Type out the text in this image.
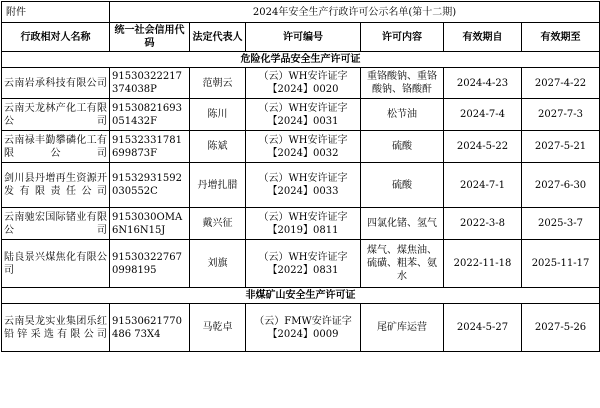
附件	2024年安全生产行政许可公示名单(第十二期)					
行政相对人名称	统一社会信用代码	法定代表人	许可编号	许可内容	有效期自	有效期至
危险化学品安全生产许可证						
云南岩承科技有限公司	91530322217374038P	范朝云	（云）WH安许证字【2024】0020	重铬酸钠、重铬酸钠、铬酸酐	2024-4-23	2027-4-22
云南天龙林产化工有限公司	91530821693051432F	陈川	（云）WH安许证字【2024】0031	松节油	2024-7-4	2027-7-3
云南禄丰勤攀磷化工有限公司	91532331781699873F	陈斌	（云）WH安许证字【2024】0032	硫酸	2024-5-22	2027-5-21
剑川县丹增再生资源开发有限责任公司	91532931592030552C	丹增扎腊	（云）WH安许证字【2024】0033	硫酸	2024-7-1	2027-6-30
云南驰宏国际锗业有限公司	9153030OMA6N16N15J	戴兴征	（云）WH安许证字【2019】0811	四氯化锗、氢气	2022-3-8	2025-3-7
陆良景兴煤焦化有限公司	915303227670998195	刘旗	（云）WH安许证字【2022】0831	煤气、煤焦油、硫磺、粗苯、氨水	2022-11-18	2025-11-17
非煤矿山安全生产许可证						
云南昊龙实业集团乐红铅锌采选有限公司	91530621770486 73X4	马乾卓	（云）FMW安许证字【2024】0009	尾矿库运营	2024-5-27	2027-5-26
